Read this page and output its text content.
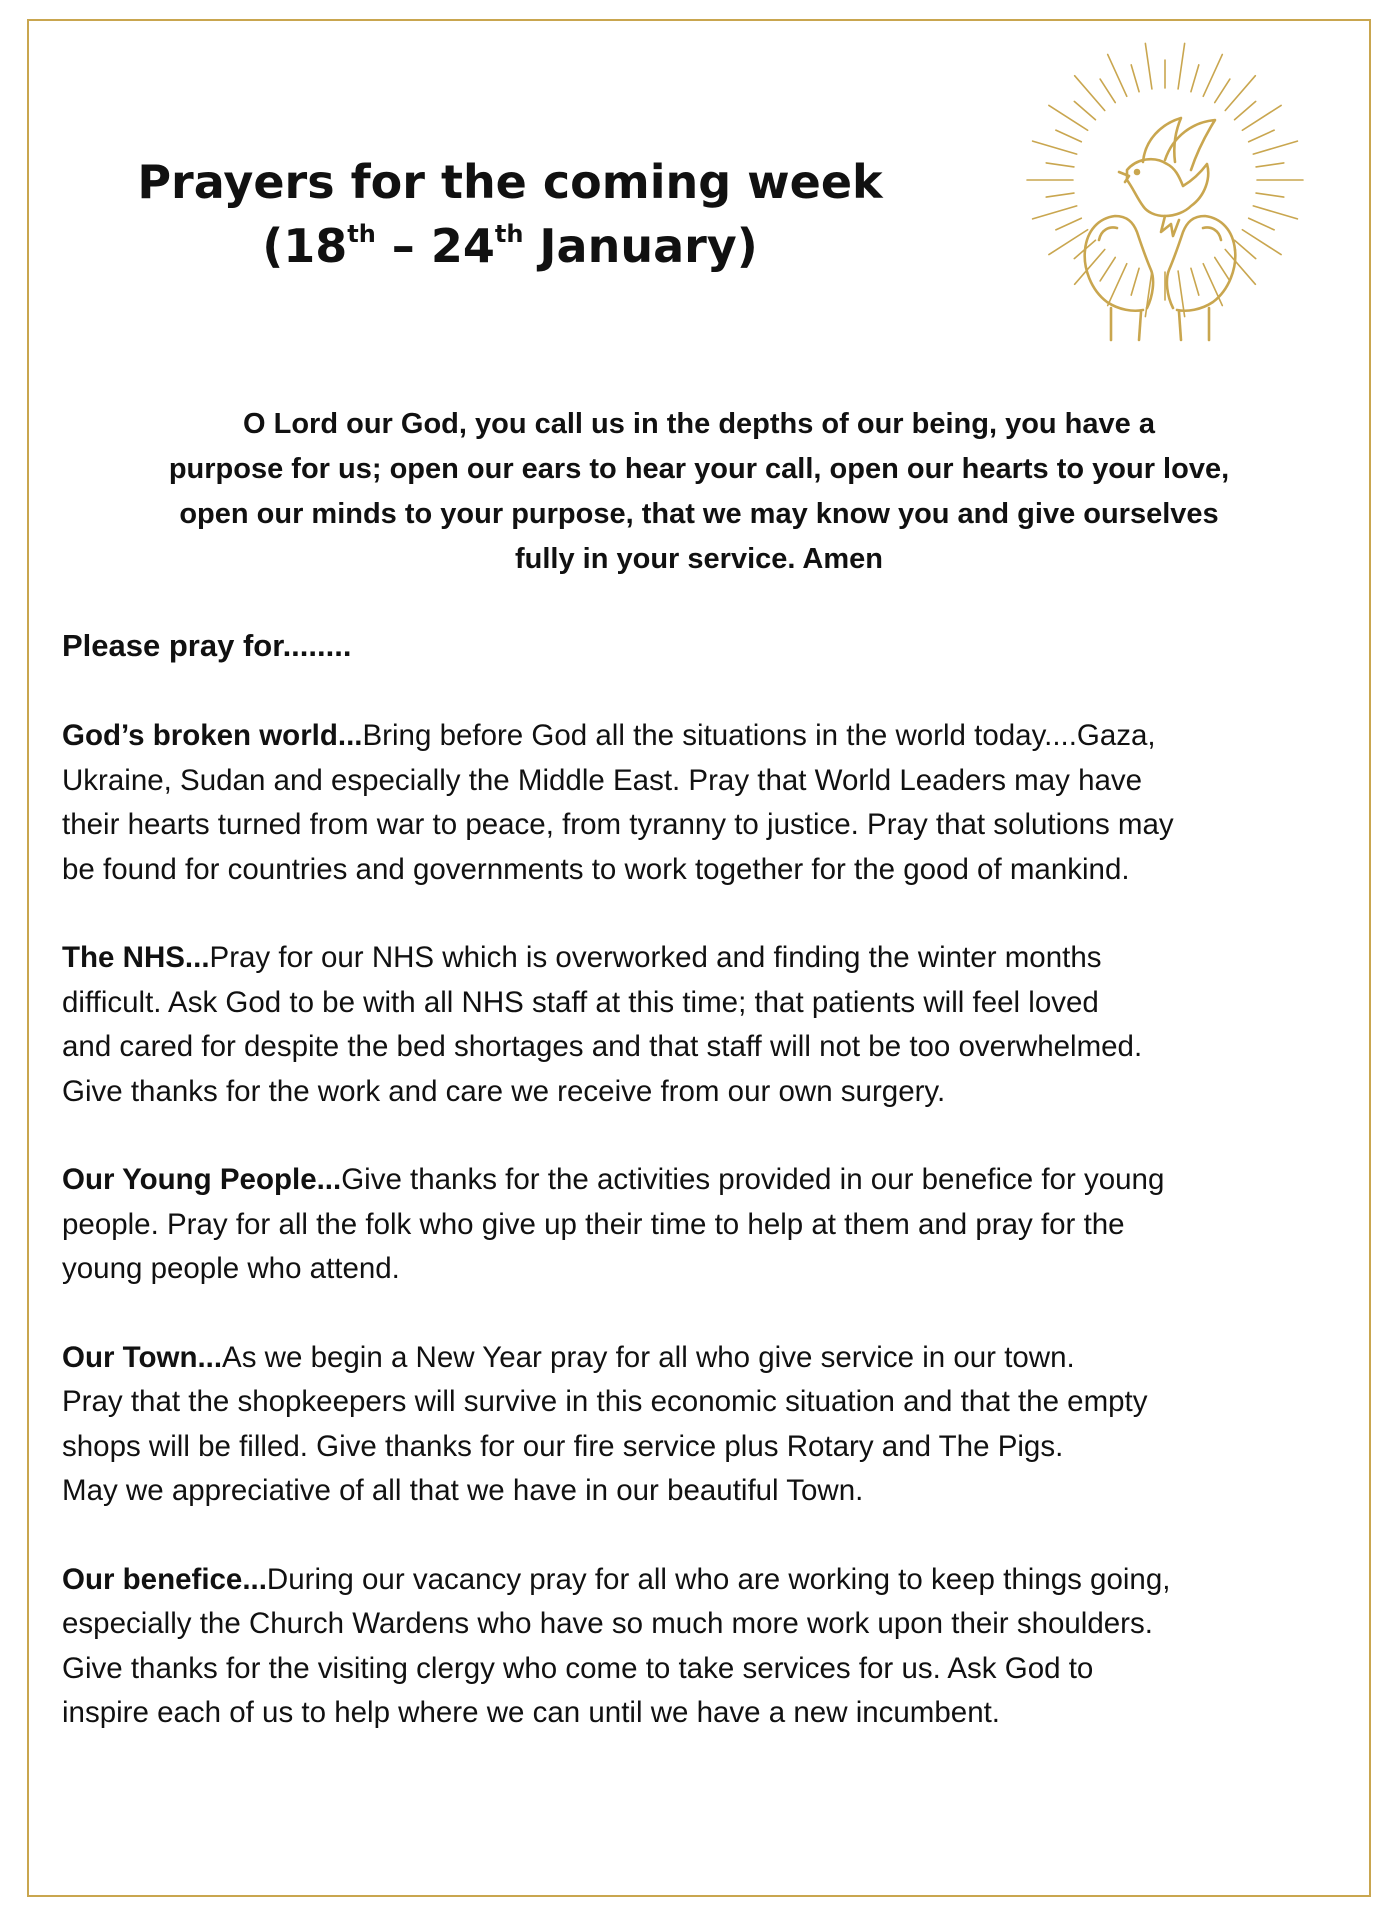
Prayers for the coming week
(18th – 24th January)
O Lord our God, you call us in the depths of our being, you have a
purpose for us; open our ears to hear your call, open our hearts to your love,
open our minds to your purpose, that we may know you and give ourselves
fully in your service. Amen
Please pray for........
God’s broken world...Bring before God all the situations in the world today....Gaza,
Ukraine, Sudan and especially the Middle East. Pray that World Leaders may have
their hearts turned from war to peace, from tyranny to justice. Pray that solutions may
be found for countries and governments to work together for the good of mankind.
The NHS...Pray for our NHS which is overworked and finding the winter months
difficult. Ask God to be with all NHS staff at this time; that patients will feel loved
and cared for despite the bed shortages and that staff will not be too overwhelmed.
Give thanks for the work and care we receive from our own surgery.
Our Young People...Give thanks for the activities provided in our benefice for young
people. Pray for all the folk who give up their time to help at them and pray for the
young people who attend.
Our Town...As we begin a New Year pray for all who give service in our town.
Pray that the shopkeepers will survive in this economic situation and that the empty
shops will be filled. Give thanks for our fire service plus Rotary and The Pigs.
May we appreciative of all that we have in our beautiful Town.
Our benefice...During our vacancy pray for all who are working to keep things going,
especially the Church Wardens who have so much more work upon their shoulders.
Give thanks for the visiting clergy who come to take services for us. Ask God to
inspire each of us to help where we can until we have a new incumbent.
